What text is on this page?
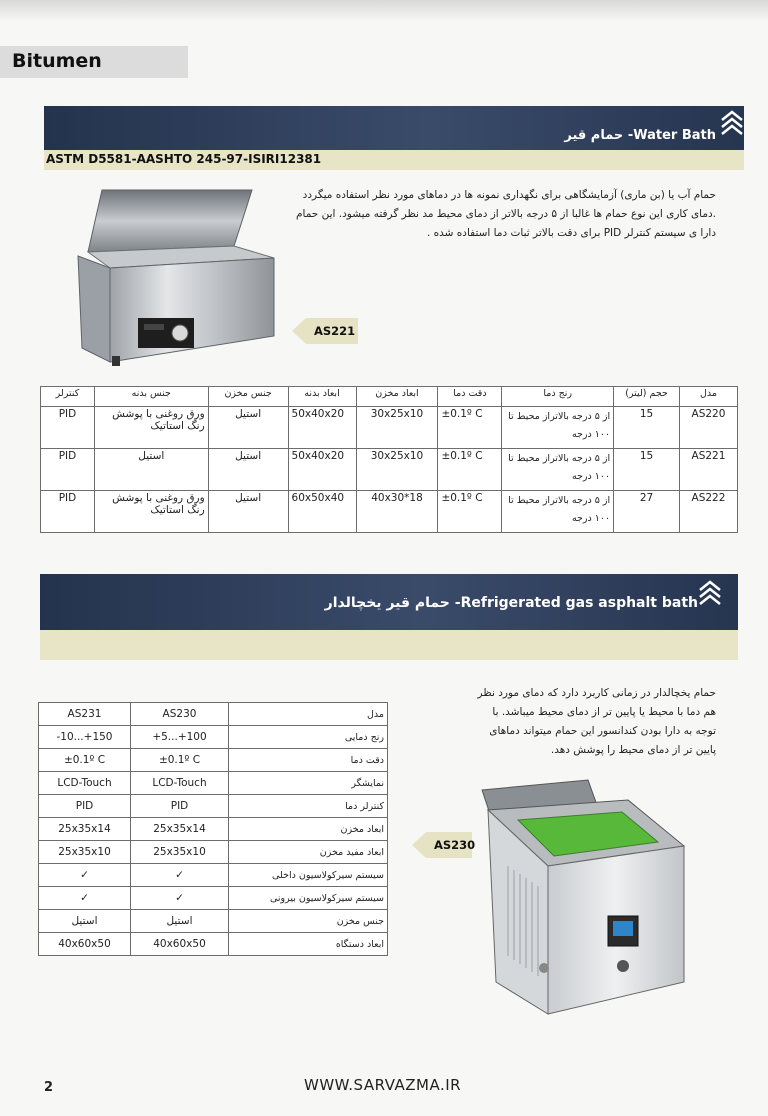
Bitumen
حمام قیر -Water Bath
ASTM D5581-AASHTO 245-97-ISIRI12381
حمام آب یا (بن ماری) آزمایشگاهی برای نگهداری نمونه ها در دماهای مورد نظر استفاده میگردد
.دمای کاری این نوع حمام ها غالبا از ۵ درجه بالاتر از دمای محیط مد نظر گرفته میشود. این حمام
دارا ی سیستم کنترلر PID برای دقت بالاتر ثبات دما استفاده شده .
AS221
کنترلر	جنس بدنه	جنس مخزن	ابعاد بدنه	ابعاد مخزن	دقت دما	رنج دما	حجم (لیتر)	مدل
PID	ورق روغنی با پوشش رنگ استاتیک	استیل	50x40x20	30x25x10	±0.1º C	از ۵ درجه بالاتراز محیط تا ۱۰۰ درجه	15	AS220
PID	استیل	استیل	50x40x20	30x25x10	±0.1º C	از ۵ درجه بالاتراز محیط تا ۱۰۰ درجه	15	AS221
PID	ورق روغنی با پوشش رنگ استاتیک	استیل	60x50x40	40x30*18	±0.1º C	از ۵ درجه بالاتراز محیط تا ۱۰۰ درجه	27	AS222
حمام قیر یخچالدار -Refrigerated gas asphalt bath
حمام یخچالدار در زمانی کاربرد دارد که دمای مورد نظر
هم دما با محیط یا پایین تر از دمای محیط میباشد. با
توجه به دارا بودن کندانسور این حمام میتواند دماهای
پایین تر از دمای محیط را پوشش دهد.
AS231	AS230	مدل
-10...+150	+5...+100	رنج دمایی
±0.1º C	±0.1º C	دقت دما
LCD-Touch	LCD-Touch	نمایشگر
PID	PID	کنترلر دما
25x35x14	25x35x14	ابعاد مخزن
25x35x10	25x35x10	ابعاد مفید مخزن
✓	✓	سیستم سیرکولاسیون داخلی
✓	✓	سیستم سیرکولاسیون بیرونی
استیل	استیل	جنس مخزن
40x60x50	40x60x50	ابعاد دستگاه
AS230
2	WWW.SARVAZMA.IR
